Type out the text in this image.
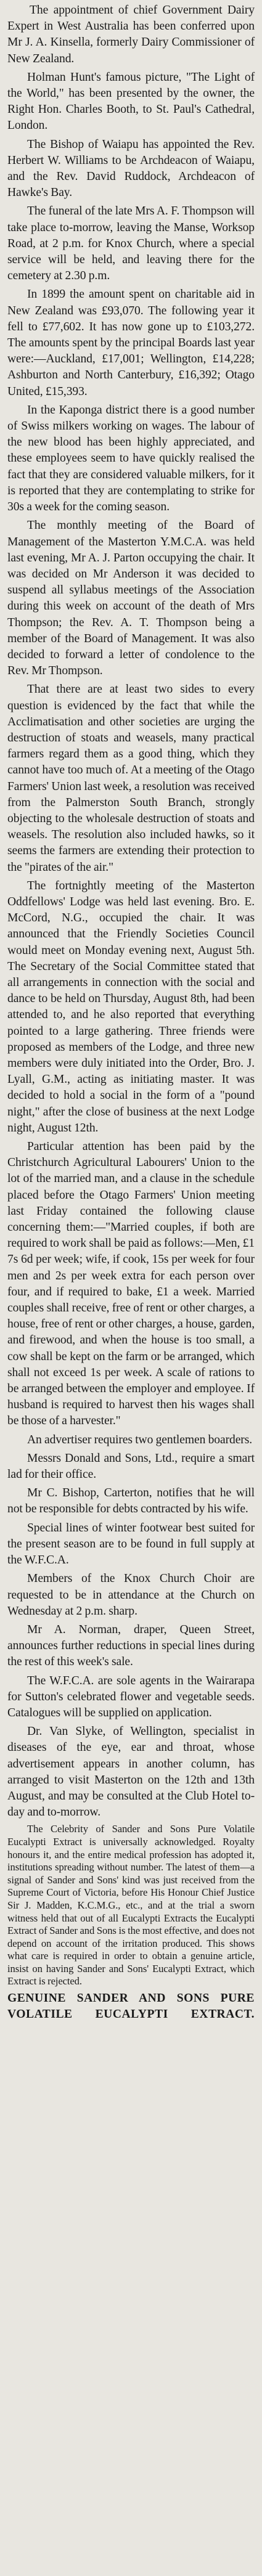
The appointment of chief Government Dairy Expert in West Australia has been conferred upon Mr J. A. Kinsella, formerly Dairy Commissioner of New Zealand.

Holman Hunt's famous picture, "The Light of the World," has been presented by the owner, the Right Hon. Charles Booth, to St. Paul's Cathedral, London.

The Bishop of Waiapu has appointed the Rev. Herbert W. Williams to be Archdeacon of Waiapu, and the Rev. David Ruddock, Archdeacon of Hawke's Bay.

The funeral of the late Mrs A. F. Thompson will take place to-morrow, leaving the Manse, Worksop Road, at 2 p.m. for Knox Church, where a special service will be held, and leaving there for the cemetery at 2.30 p.m.

In 1899 the amount spent on charitable aid in New Zealand was £93,070. The following year it fell to £77,602. It has now gone up to £103,272. The amounts spent by the principal Boards last year were:—Auckland, £17,001; Wellington, £14,228; Ashburton and North Canterbury, £16,392; Otago United, £15,393.

In the Kaponga district there is a good number of Swiss milkers working on wages. The labour of the new blood has been highly appreciated, and these employees seem to have quickly realised the fact that they are considered valuable milkers, for it is reported that they are contemplating to strike for 30s a week for the coming season.

The monthly meeting of the Board of Management of the Masterton Y.M.C.A. was held last evening, Mr A. J. Parton occupying the chair. It was decided on Mr Anderson it was decided to suspend all syllabus meetings of the Association during this week on account of the death of Mrs Thompson; the Rev. A. T. Thompson being a member of the Board of Management. It was also decided to forward a letter of condolence to the Rev. Mr Thompson.

That there are at least two sides to every question is evidenced by the fact that while the Acclimatisation and other societies are urging the destruction of stoats and weasels, many practical farmers regard them as a good thing, which they cannot have too much of. At a meeting of the Otago Farmers' Union last week, a resolution was received from the Palmerston South Branch, strongly objecting to the wholesale destruction of stoats and weasels. The resolution also included hawks, so it seems the farmers are extending their protection to the "pirates of the air."

The fortnightly meeting of the Masterton Oddfellows' Lodge was held last evening. Bro. E. McCord, N.G., occupied the chair. It was announced that the Friendly Societies Council would meet on Monday evening next, August 5th. The Secretary of the Social Committee stated that all arrangements in connection with the social and dance to be held on Thursday, August 8th, had been attended to, and he also reported that everything pointed to a large gathering. Three friends were proposed as members of the Lodge, and three new members were duly initiated into the Order, Bro. J. Lyall, G.M., acting as initiating master. It was decided to hold a social in the form of a "pound night," after the close of business at the next Lodge night, August 12th.

Particular attention has been paid by the Christchurch Agricultural Labourers' Union to the lot of the married man, and a clause in the schedule placed before the Otago Farmers' Union meeting last Friday contained the following clause concerning them:—"Married couples, if both are required to work shall be paid as follows:—Men, £1 7s 6d per week; wife, if cook, 15s per week for four men and 2s per week extra for each person over four, and if required to bake, £1 a week. Married couples shall receive, free of rent or other charges, a house, free of rent or other charges, a house, garden, and firewood, and when the house is too small, a cow shall be kept on the farm or be arranged, which shall not exceed 1s per week. A scale of rations to be arranged between the employer and employee. If husband is required to harvest then his wages shall be those of a harvester."

An advertiser requires two gentlemen boarders.

Messrs Donald and Sons, Ltd., require a smart lad for their office.

Mr C. Bishop, Carterton, notifies that he will not be responsible for debts contracted by his wife.

Special lines of winter footwear best suited for the present season are to be found in full supply at the W.F.C.A.

Members of the Knox Church Choir are requested to be in attendance at the Church on Wednesday at 2 p.m. sharp.

Mr A. Norman, draper, Queen Street, announces further reductions in special lines during the rest of this week's sale.

The W.F.C.A. are sole agents in the Wairarapa for Sutton's celebrated flower and vegetable seeds. Catalogues will be supplied on application.

Dr. Van Slyke, of Wellington, specialist in diseases of the eye, ear and throat, whose advertisement appears in another column, has arranged to visit Masterton on the 12th and 13th August, and may be consulted at the Club Hotel to-day and to-morrow.

The Celebrity of Sander and Sons Pure Volatile Eucalypti Extract is universally acknowledged. Royalty honours it, and the entire medical profession has adopted it, institutions spreading without number. The latest of them—a signal of Sander and Sons' kind was just received from the Supreme Court of Victoria, before His Honour Chief Justice Sir J. Madden, K.C.M.G., etc., and at the trial a sworn witness held that out of all Eucalypti Extracts the Eucalypti Extract of Sander and Sons is the most effective, and does not depend on account of the irritation produced. This shows what care is required in order to obtain a genuine article, insist on having Sander and Sons' Eucalypti Extract, which Extract is rejected.

GENUINE SANDER AND SONS PURE VOLATILE EUCALYPTI EXTRACT.
